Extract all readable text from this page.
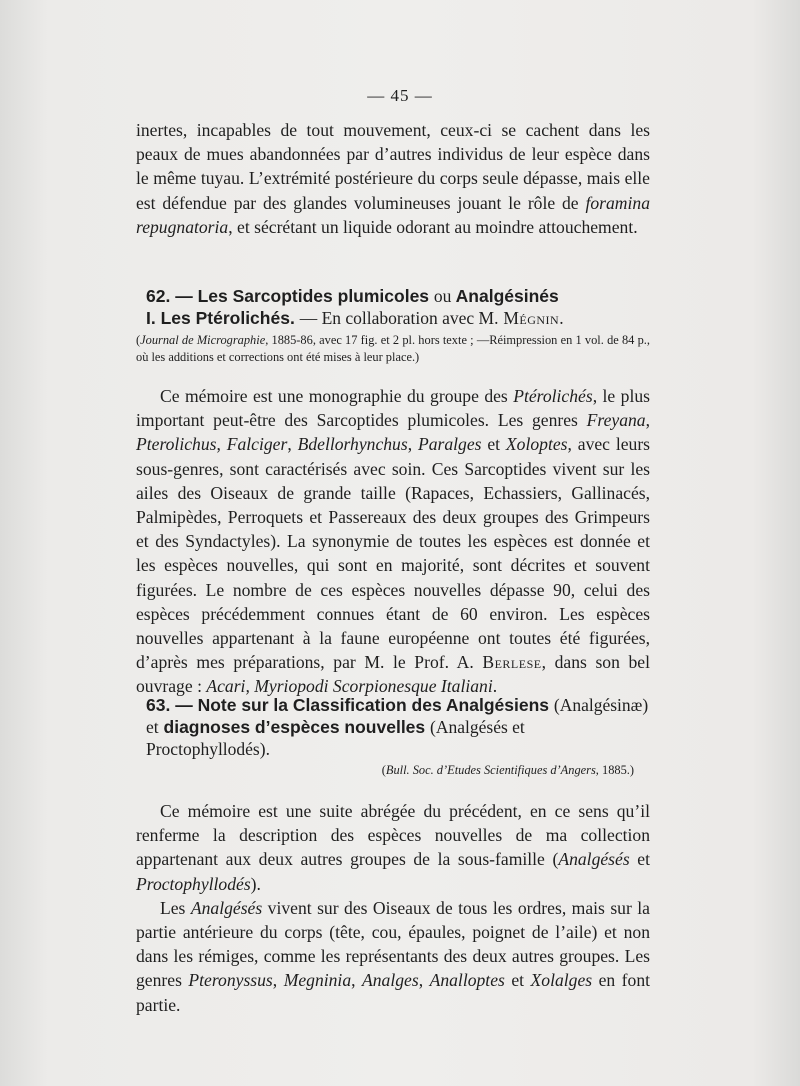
— 45 —

inertes, incapables de tout mouvement, ceux-ci se cachent dans les peaux de mues abandonnées par d’autres individus de leur espèce dans le même tuyau. L’extrémité postérieure du corps seule dépasse, mais elle est défendue par des glandes volumineuses jouant le rôle de foramina repugnatoria, et sécrétant un liquide odorant au moindre attouchement.

62. — Les Sarcoptides plumicoles ou Analgésinés
I. Les Ptérolichés. — En collaboration avec M. Mégnin.

(Journal de Micrographie, 1885-86, avec 17 fig. et 2 pl. hors texte ; —Réimpression en 1 vol. de 84 p., où les additions et corrections ont été mises à leur place.)

Ce mémoire est une monographie du groupe des Ptérolichés, le plus important peut-être des Sarcoptides plumicoles. Les genres Freyana, Pterolichus, Falciger, Bdellorhynchus, Paralges et Xoloptes, avec leurs sous-genres, sont caractérisés avec soin. Ces Sarcoptides vivent sur les ailes des Oiseaux de grande taille (Rapaces, Echassiers, Gallinacés, Palmipèdes, Perroquets et Passereaux des deux groupes des Grimpeurs et des Syndactyles). La synonymie de toutes les espèces est donnée et les espèces nouvelles, qui sont en majorité, sont décrites et souvent figurées. Le nombre de ces espèces nouvelles dépasse 90, celui des espèces précédemment connues étant de 60 environ. Les espèces nouvelles appartenant à la faune européenne ont toutes été figurées, d’après mes préparations, par M. le Prof. A. Berlese, dans son bel ouvrage : Acari, Myriopodi Scorpionesque Italiani.

63. — Note sur la Classification des Analgésiens (Analgésinæ) et diagnoses d’espèces nouvelles (Analgésés et Proctophyllodés).

(Bull. Soc. d’Etudes Scientifiques d’Angers, 1885.)

Ce mémoire est une suite abrégée du précédent, en ce sens qu’il renferme la description des espèces nouvelles de ma collection appartenant aux deux autres groupes de la sous-famille (Analgésés et Proctophyllodés).

Les Analgésés vivent sur des Oiseaux de tous les ordres, mais sur la partie antérieure du corps (tête, cou, épaules, poignet de l’aile) et non dans les rémiges, comme les représentants des deux autres groupes. Les genres Pteronyssus, Megninia, Analges, Analloptes et Xolalges en font partie.
